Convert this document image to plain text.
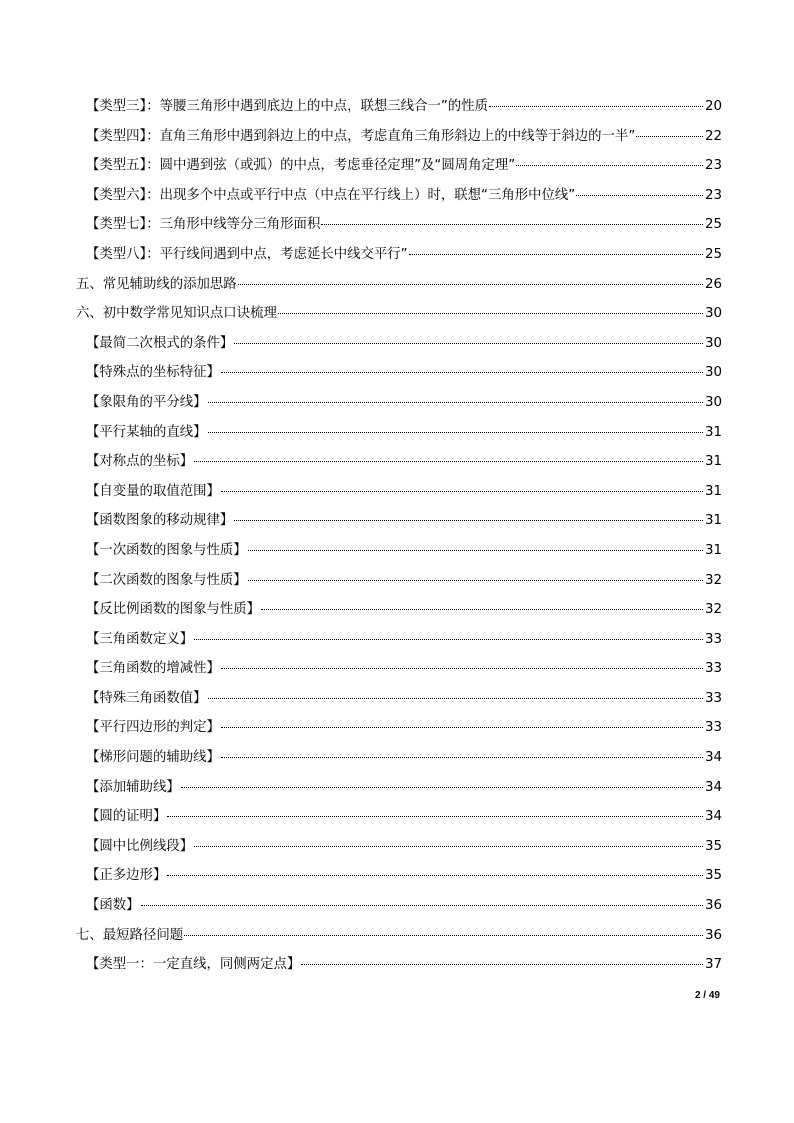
【类型三】：等腰三角形中遇到底边上的中点，联想三线合一”的性质	20
【类型四】：直角三角形中遇到斜边上的中点，考虑直角三角形斜边上的中线等于斜边的一半”	22
【类型五】：圆中遇到弦（或弧）的中点，考虑垂径定理”及“圆周角定理”	23
【类型六】：出现多个中点或平行中点（中点在平行线上）时，联想“三角形中位线”	23
【类型七】：三角形中线等分三角形面积	25
【类型八】：平行线间遇到中点，考虑延长中线交平行”	25
五、常见辅助线的添加思路	26
六、初中数学常见知识点口诀梳理	30
【最简二次根式的条件】	30
【特殊点的坐标特征】	30
【象限角的平分线】	30
【平行某轴的直线】	31
【对称点的坐标】	31
【自变量的取值范围】	31
【函数图象的移动规律】	31
【一次函数的图象与性质】	31
【二次函数的图象与性质】	32
【反比例函数的图象与性质】	32
【三角函数定义】	33
【三角函数的增减性】	33
【特殊三角函数值】	33
【平行四边形的判定】	33
【梯形问题的辅助线】	34
【添加辅助线】	34
【圆的证明】	34
【圆中比例线段】	35
【正多边形】	35
【函数】	36
七、最短路径问题	36
【类型一：一定直线，同侧两定点】	37
2 / 49
